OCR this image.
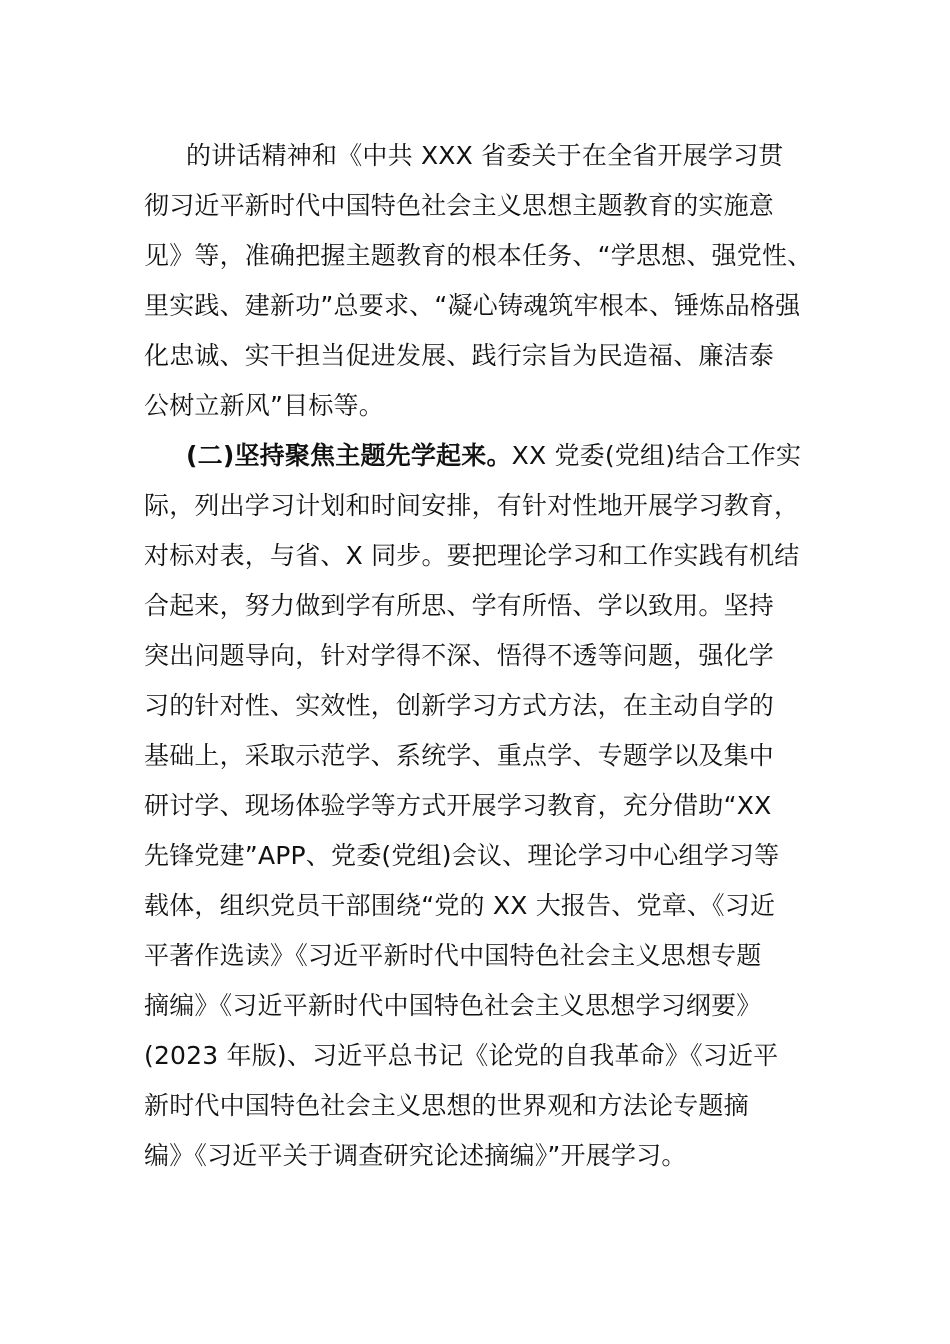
的讲话精神和《中共 XXX 省委关于在全省开展学习贯
彻习近平新时代中国特色社会主义思想主题教育的实施意
见》等，准确把握主题教育的根本任务、“学思想、强党性、
里实践、建新功”总要求、“凝心铸魂筑牢根本、锤炼品格强
化忠诚、实干担当促进发展、践行宗旨为民造福、廉洁泰
公树立新风”目标等。
(二)坚持聚焦主题先学起来。XX 党委(党组)结合工作实
际，列出学习计划和时间安排，有针对性地开展学习教育，
对标对表，与省、X 同步。要把理论学习和工作实践有机结
合起来，努力做到学有所思、学有所悟、学以致用。坚持
突出问题导向，针对学得不深、悟得不透等问题，强化学
习的针对性、实效性，创新学习方式方法，在主动自学的
基础上，采取示范学、系统学、重点学、专题学以及集中
研讨学、现场体验学等方式开展学习教育，充分借助“XX
先锋党建”APP、党委(党组)会议、理论学习中心组学习等
载体，组织党员干部围绕“党的 XX 大报告、党章、《习近
平著作选读》《习近平新时代中国特色社会主义思想专题
摘编》《习近平新时代中国特色社会主义思想学习纲要》
(2023 年版)、习近平总书记《论党的自我革命》《习近平
新时代中国特色社会主义思想的世界观和方法论专题摘
编》《习近平关于调查研究论述摘编》”开展学习。
